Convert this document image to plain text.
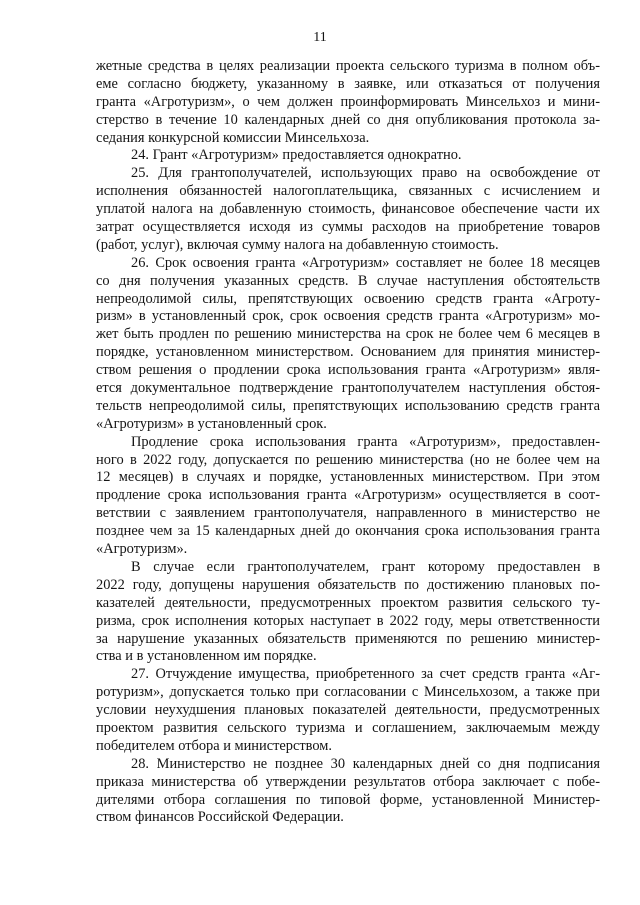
11
жетные средства в целях реализации проекта сельского туризма в полном объ-
еме согласно бюджету, указанному в заявке, или отказаться от получения
гранта «Агротуризм», о чем должен проинформировать Минсельхоз и мини-
стерство в течение 10 календарных дней со дня опубликования протокола за-
седания конкурсной комиссии Минсельхоза.
24. Грант «Агротуризм» предоставляется однократно.
25. Для грантополучателей, использующих право на освобождение от
исполнения обязанностей налогоплательщика, связанных с исчислением и
уплатой налога на добавленную стоимость, финансовое обеспечение части их
затрат осуществляется исходя из суммы расходов на приобретение товаров
(работ, услуг), включая сумму налога на добавленную стоимость.
26. Срок освоения гранта «Агротуризм» составляет не более 18 месяцев
со дня получения указанных средств. В случае наступления обстоятельств
непреодолимой силы, препятствующих освоению средств гранта «Агроту-
ризм» в установленный срок, срок освоения средств гранта «Агротуризм» мо-
жет быть продлен по решению министерства на срок не более чем 6 месяцев в
порядке, установленном министерством. Основанием для принятия министер-
ством решения о продлении срока использования гранта «Агротуризм» явля-
ется документальное подтверждение грантополучателем наступления обстоя-
тельств непреодолимой силы, препятствующих использованию средств гранта
«Агротуризм» в установленный срок.
Продление срока использования гранта «Агротуризм», предоставлен-
ного в 2022 году, допускается по решению министерства (но не более чем на
12 месяцев) в случаях и порядке, установленных министерством. При этом
продление срока использования гранта «Агротуризм» осуществляется в соот-
ветствии с заявлением грантополучателя, направленного в министерство не
позднее чем за 15 календарных дней до окончания срока использования гранта
«Агротуризм».
В случае если грантополучателем, грант которому предоставлен в
2022 году, допущены нарушения обязательств по достижению плановых по-
казателей деятельности, предусмотренных проектом развития сельского ту-
ризма, срок исполнения которых наступает в 2022 году, меры ответственности
за нарушение указанных обязательств применяются по решению министер-
ства и в установленном им порядке.
27. Отчуждение имущества, приобретенного за счет средств гранта «Аг-
ротуризм», допускается только при согласовании с Минсельхозом, а также при
условии неухудшения плановых показателей деятельности, предусмотренных
проектом развития сельского туризма и соглашением, заключаемым между
победителем отбора и министерством.
28. Министерство не позднее 30 календарных дней со дня подписания
приказа министерства об утверждении результатов отбора заключает с побе-
дителями отбора соглашения по типовой форме, установленной Министер-
ством финансов Российской Федерации.
